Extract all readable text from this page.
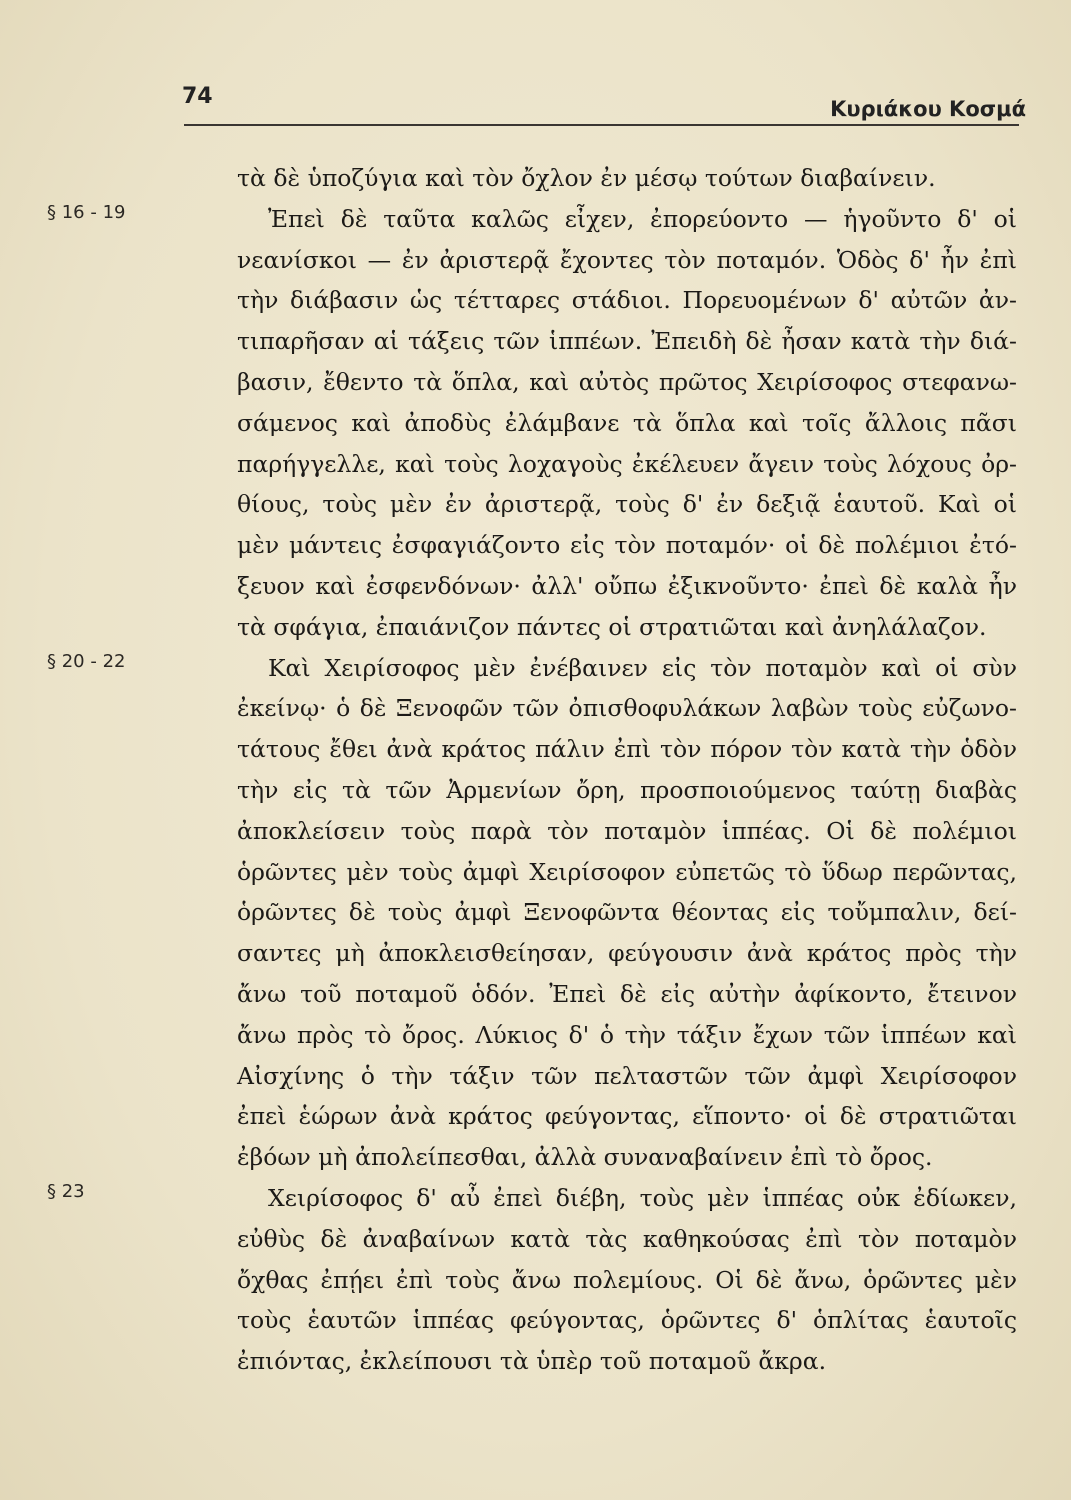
74	Κυριάκου Κοσμά
τὰ δὲ ὑποζύγια καὶ τὸν ὄχλον ἐν μέσῳ τούτων διαβαίνειν.
§ 16 - 19	Ἐπεὶ δὲ ταῦτα καλῶς εἶχεν, ἐπορεύοντο — ἡγοῦντο δ' οἱ
νεανίσκοι — ἐν ἀριστερᾷ ἔχοντες τὸν ποταμόν. Ὁδὸς δ' ἦν ἐπὶ
τὴν διάβασιν ὡς τέτταρες στάδιοι. Πορευομένων δ' αὐτῶν ἀν-
τιπαρῆσαν αἱ τάξεις τῶν ἱππέων. Ἐπειδὴ δὲ ἦσαν κατὰ τὴν διά-
βασιν, ἔθεντο τὰ ὅπλα, καὶ αὐτὸς πρῶτος Χειρίσοφος στεφανω-
σάμενος καὶ ἀποδὺς ἐλάμβανε τὰ ὅπλα καὶ τοῖς ἄλλοις πᾶσι
παρήγγελλε, καὶ τοὺς λοχαγοὺς ἐκέλευεν ἄγειν τοὺς λόχους ὀρ-
θίους, τοὺς μὲν ἐν ἀριστερᾷ, τοὺς δ' ἐν δεξιᾷ ἑαυτοῦ. Καὶ οἱ
μὲν μάντεις ἐσφαγιάζοντο εἰς τὸν ποταμόν· οἱ δὲ πολέμιοι ἐτό-
ξευον καὶ ἐσφενδόνων· ἀλλ' οὔπω ἐξικνοῦντο· ἐπεὶ δὲ καλὰ ἦν
τὰ σφάγια, ἐπαιάνιζον πάντες οἱ στρατιῶται καὶ ἀνηλάλαζον.
§ 20 - 22	Καὶ Χειρίσοφος μὲν ἐνέβαινεν εἰς τὸν ποταμὸν καὶ οἱ σὺν
ἐκείνῳ· ὁ δὲ Ξενοφῶν τῶν ὀπισθοφυλάκων λαβὼν τοὺς εὐζωνο-
τάτους ἔθει ἀνὰ κράτος πάλιν ἐπὶ τὸν πόρον τὸν κατὰ τὴν ὁδὸν
τὴν εἰς τὰ τῶν Ἀρμενίων ὄρη, προσποιούμενος ταύτῃ διαβὰς
ἀποκλείσειν τοὺς παρὰ τὸν ποταμὸν ἱππέας. Οἱ δὲ πολέμιοι
ὁρῶντες μὲν τοὺς ἀμφὶ Χειρίσοφον εὐπετῶς τὸ ὕδωρ περῶντας,
ὁρῶντες δὲ τοὺς ἀμφὶ Ξενοφῶντα θέοντας εἰς τοὔμπαλιν, δεί-
σαντες μὴ ἀποκλεισθείησαν, φεύγουσιν ἀνὰ κράτος πρὸς τὴν
ἄνω τοῦ ποταμοῦ ὁδόν. Ἐπεὶ δὲ εἰς αὐτὴν ἀφίκοντο, ἔτεινον
ἄνω πρὸς τὸ ὄρος. Λύκιος δ' ὁ τὴν τάξιν ἔχων τῶν ἱππέων καὶ
Αἰσχίνης ὁ τὴν τάξιν τῶν πελταστῶν τῶν ἀμφὶ Χειρίσοφον
ἐπεὶ ἑώρων ἀνὰ κράτος φεύγοντας, εἵποντο· οἱ δὲ στρατιῶται
ἐβόων μὴ ἀπολείπεσθαι, ἀλλὰ συναναβαίνειν ἐπὶ τὸ ὄρος.
§ 23	Χειρίσοφος δ' αὖ ἐπεὶ διέβη, τοὺς μὲν ἱππέας οὐκ ἐδίωκεν,
εὐθὺς δὲ ἀναβαίνων κατὰ τὰς καθηκούσας ἐπὶ τὸν ποταμὸν
ὄχθας ἐπῄει ἐπὶ τοὺς ἄνω πολεμίους. Οἱ δὲ ἄνω, ὁρῶντες μὲν
τοὺς ἑαυτῶν ἱππέας φεύγοντας, ὁρῶντες δ' ὁπλίτας ἑαυτοῖς
ἐπιόντας, ἐκλείπουσι τὰ ὑπὲρ τοῦ ποταμοῦ ἄκρα.
